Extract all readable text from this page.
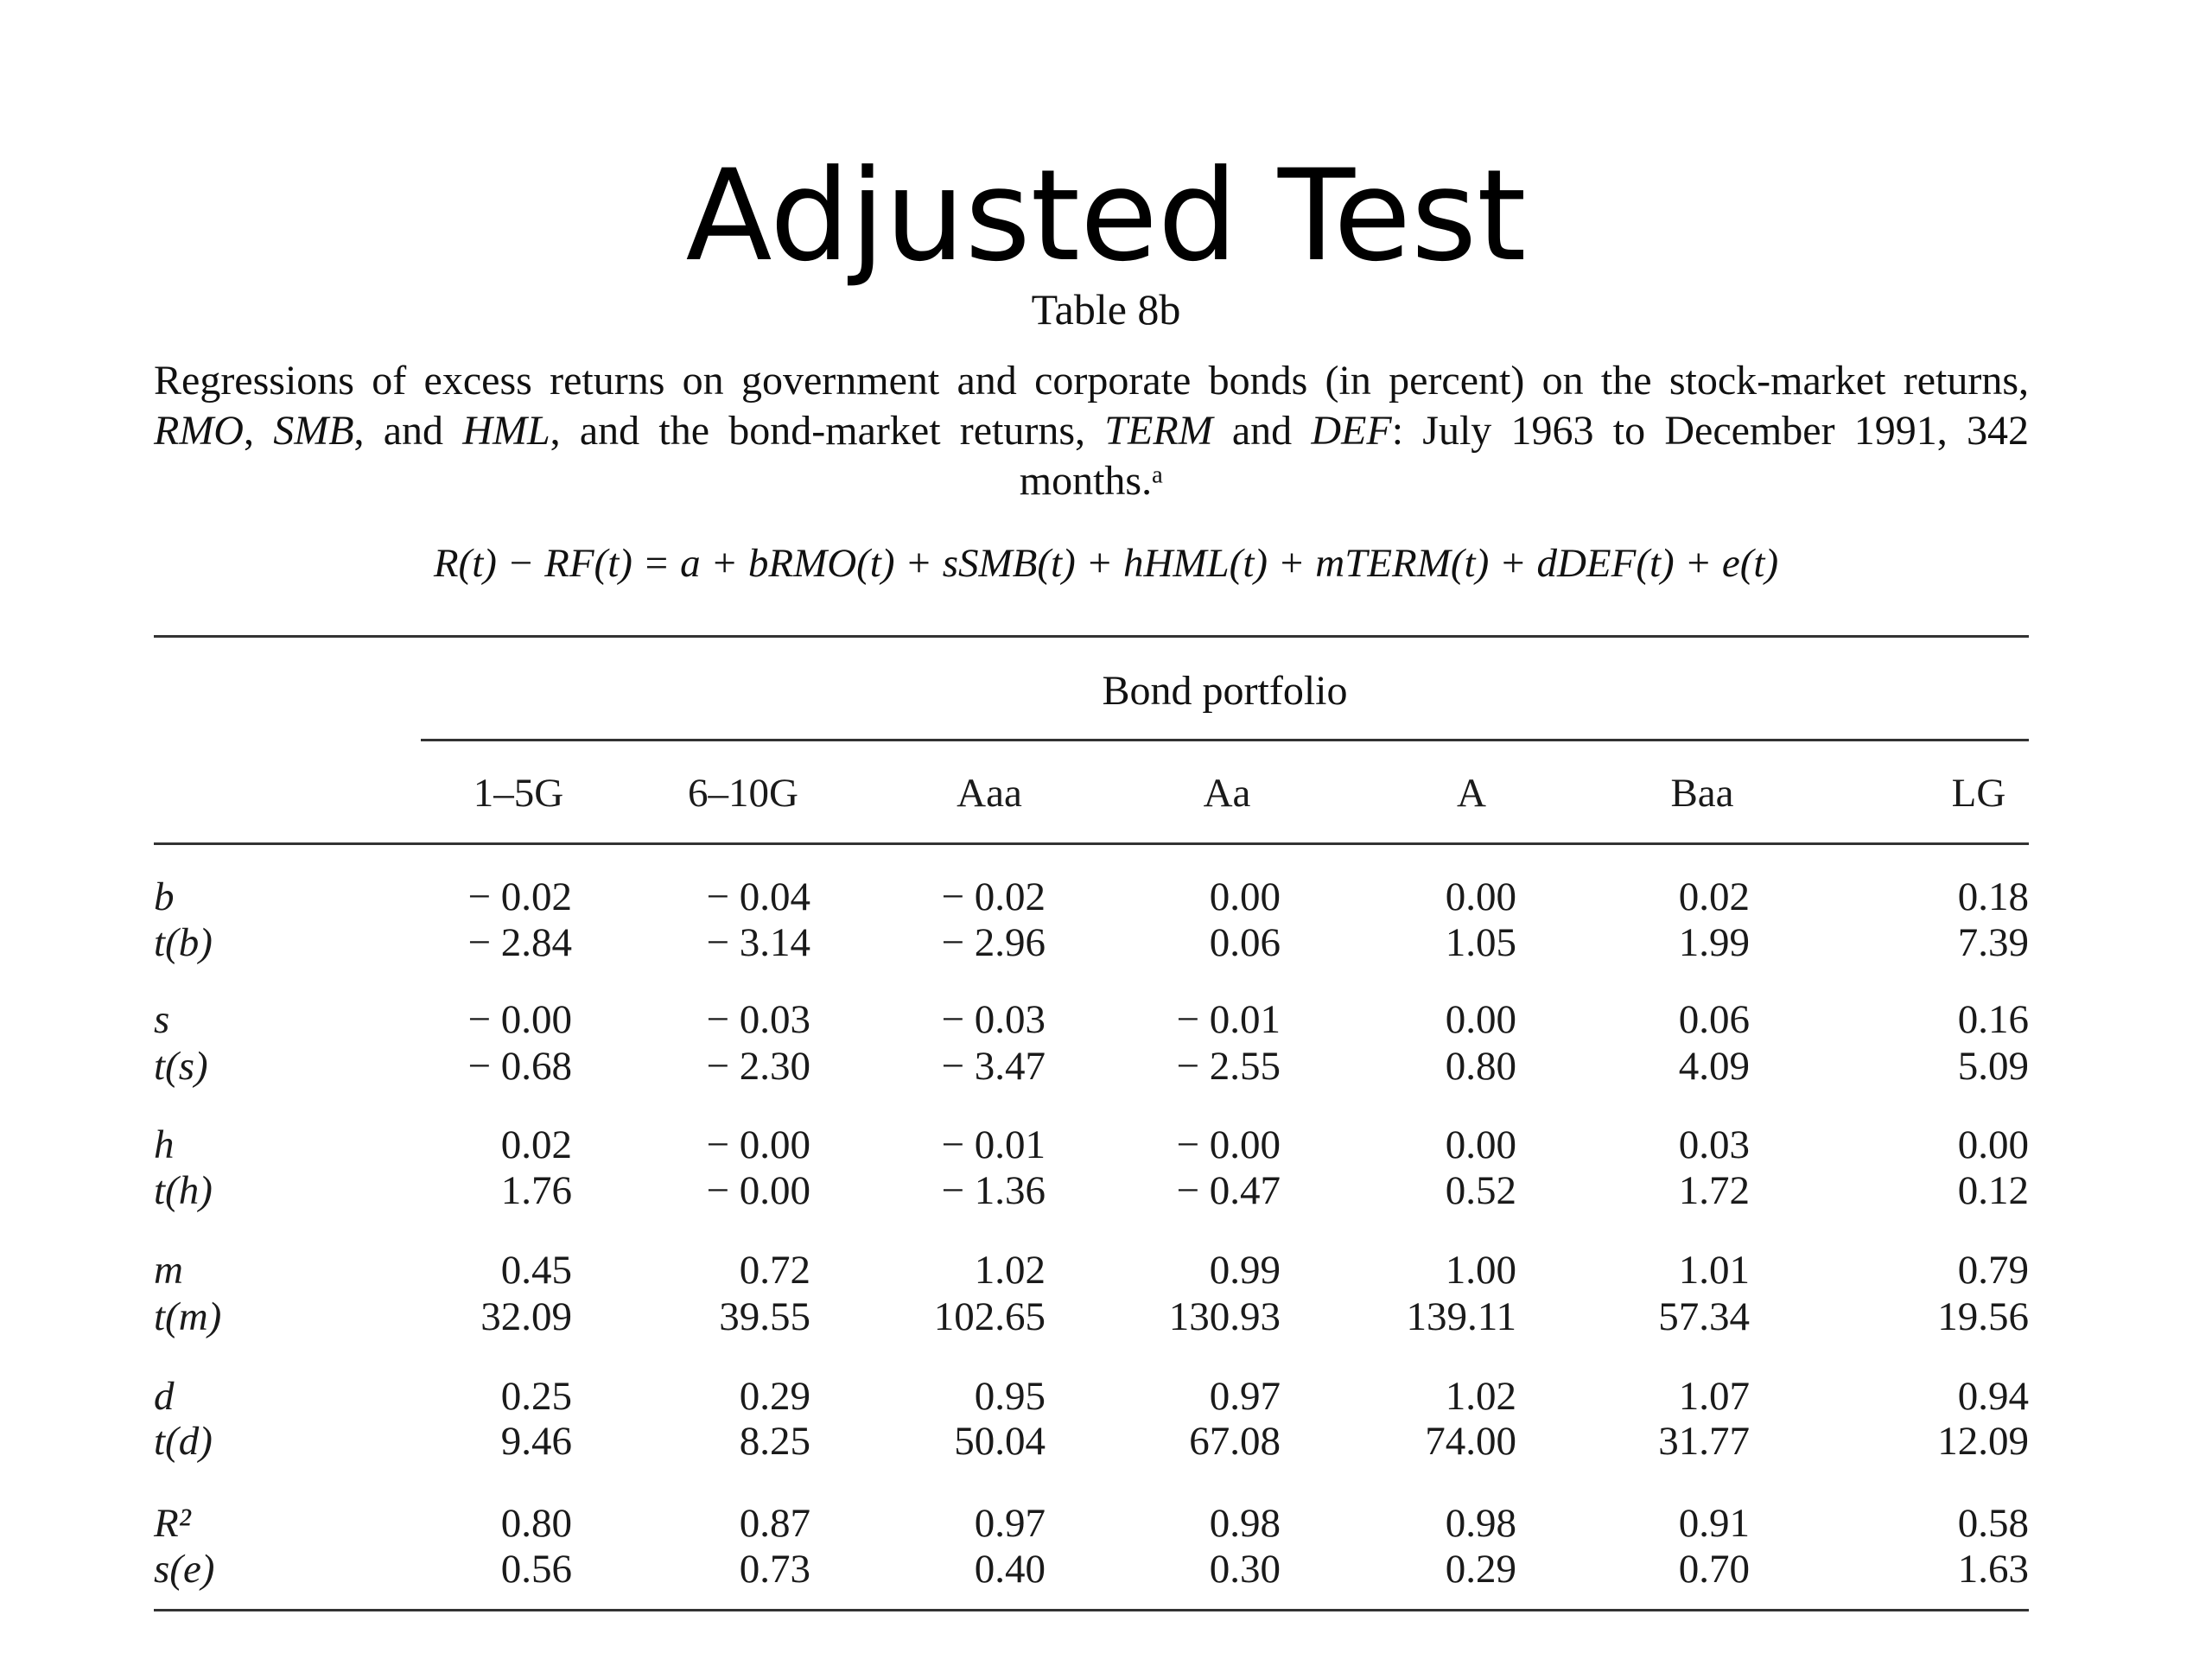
Adjusted Test
Table 8b
Regressions of excess returns on government and corporate bonds (in percent) on the stock-market returns, RMO, SMB, and HML, and the bond-market returns, TERM and DEF: July 1963 to December 1991, 342 months.ᵃ
R(t) − RF(t) = a + bRMO(t) + sSMB(t) + hHML(t) + mTERM(t) + dDEF(t) + e(t)
Bond portfolio
1–5G	6–10G	Aaa	Aa	A	Baa	LG
b	− 0.02	− 0.04	− 0.02	0.00	0.00	0.02	0.18
t(b)	− 2.84	− 3.14	− 2.96	0.06	1.05	1.99	7.39
s	− 0.00	− 0.03	− 0.03	− 0.01	0.00	0.06	0.16
t(s)	− 0.68	− 2.30	− 3.47	− 2.55	0.80	4.09	5.09
h	0.02	− 0.00	− 0.01	− 0.00	0.00	0.03	0.00
t(h)	1.76	− 0.00	− 1.36	− 0.47	0.52	1.72	0.12
m	0.45	0.72	1.02	0.99	1.00	1.01	0.79
t(m)	32.09	39.55	102.65	130.93	139.11	57.34	19.56
d	0.25	0.29	0.95	0.97	1.02	1.07	0.94
t(d)	9.46	8.25	50.04	67.08	74.00	31.77	12.09
R²	0.80	0.87	0.97	0.98	0.98	0.91	0.58
s(e)	0.56	0.73	0.40	0.30	0.29	0.70	1.63
